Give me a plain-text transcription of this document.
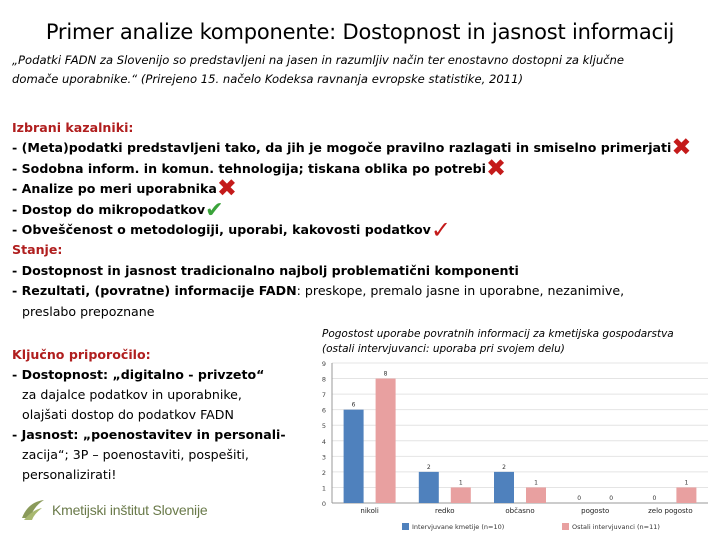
Primer analize komponente: Dostopnost in jasnost informacij
„Podatki FADN za Slovenijo so predstavljeni na jasen in razumljiv način ter enostavno dostopni za ključne
domače uporabnike.“ (Prirejeno 15. načelo Kodeksa ravnanja evropske statistike, 2011)
Izbrani kazalniki:
- (Meta)podatki predstavljeni tako, da jih je mogoče pravilno razlagati in smiselno primerjati✖
- Sodobna inform. in komun. tehnologija; tiskana oblika po potrebi✖
- Analize po meri uporabnika✖
- Dostop do mikropodatkov✔
- Obveščenost o metodologiji, uporabi, kakovosti podatkov✓
Stanje:
- Dostopnost in jasnost tradicionalno najbolj problematični komponenti
- Rezultati, (povratne) informacije FADN: preskope, premalo jasne in uporabne, nezanimive,
preslabo prepoznane
Ključno priporočilo:
- Dostopnost: „digitalno - privzeto“
za dajalce podatkov in uporabnike,
olajšati dostop do podatkov FADN
- Jasnost: „poenostavitev in personali-
zacija“; 3P – poenostaviti, pospešiti,
personalizirati!
Pogostost uporabe povratnih informacij za kmetijska gospodarstva
(ostali intervjuvanci: uporaba pri svojem delu)
0
1
2
3
4
5
6
7
8
9
6
8
nikoli
2
1
redko
2
1
občasno
0	0
pogosto
0
1
zelo pogosto
Intervjuvane kmetije (n=10)	Ostali intervjuvanci (n=11)
Kmetijski inštitut Slovenije
